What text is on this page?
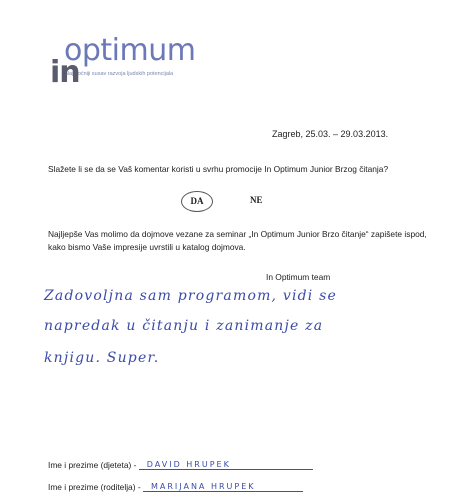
optimum
Najmoćniji susav razvoja ljudskih potencijala
in
Zagreb, 25.03. – 29.03.2013.
Slažete li se da se Vaš komentar koristi u svrhu promocije In Optimum Junior Brzog čitanja?
DA	NE
Najljepše Vas molimo da dojmove vezane za seminar „In Optimum Junior Brzo čitanje“ zapišete ispod, kako bismo Vaše impresije uvrstili u katalog dojmova.
In Optimum team
Zadovoljna sam programom, vidi se
napredak u čitanju i zanimanje za
knjigu. Super.
Ime i prezime (djeteta) - DAVID HRUPEK
Ime i prezime (roditelja) - MARIJANA HRUPEK
